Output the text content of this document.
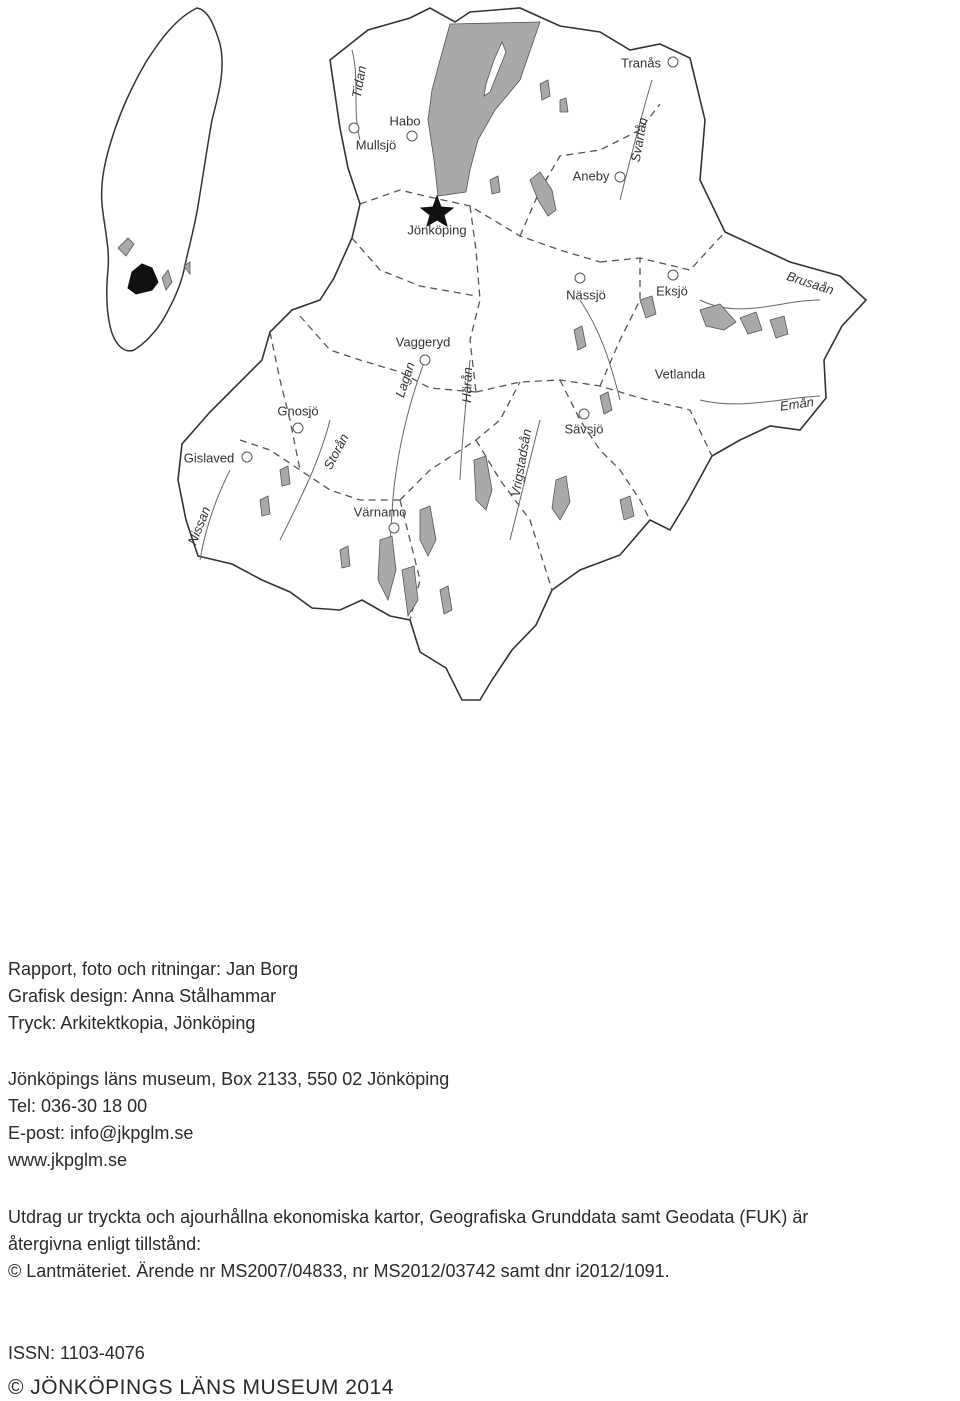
Tranås
Habo
Mullsjö
Aneby
Jönköping
Nässjö	Eksjö
Vaggeryd
Vetlanda
Gnosjö
Sävsjö
Gislaved
Värnamo
Tidan
Svartån
Brusaån
Lagan	Härån
Emån
Storån	Vrigstadsån
Nissan

Rapport, foto och ritningar: Jan Borg

Grafisk design: Anna Stålhammar

Tryck: Arkitektkopia, Jönköping

Jönköpings läns museum, Box 2133, 550 02 Jönköping

Tel: 036-30 18 00

E-post: info@jkpglm.se

www.jkpglm.se

Utdrag ur tryckta och ajourhållna ekonomiska kartor, Geografiska Grunddata samt Geodata (FUK) är

återgivna enligt tillstånd:

© Lantmäteriet. Ärende nr MS2007/04833, nr MS2012/03742 samt dnr i2012/1091.

ISSN: 1103-4076
© JÖNKÖPINGS LÄNS MUSEUM 2014
